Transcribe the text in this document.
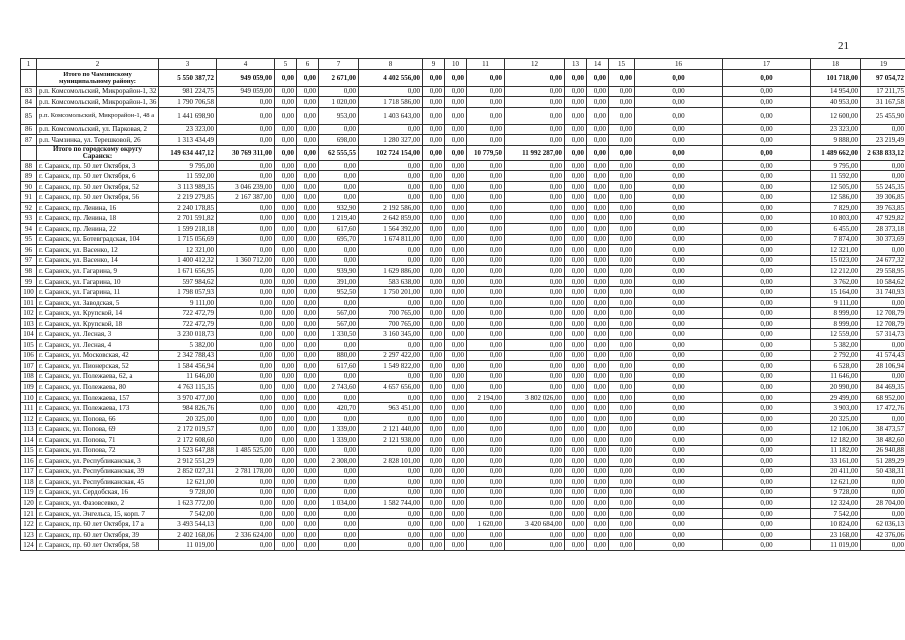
21
1	2	3	4	5	6	7	8	9	10	11	12	13	14	15	16	17	18	19
	Итого по Чамзинскому муниципальному району:	5 550 387,72	949 059,00	0,00	0,00	2 671,00	4 402 556,00	0,00	0,00	0,00	0,00	0,00	0,00	0,00	0,00	0,00	101 718,00	97 054,72
83	р.п. Комсомольский, Микрорайон-1, 32	981 224,75	949 059,00	0,00	0,00	0,00	0,00	0,00	0,00	0,00	0,00	0,00	0,00	0,00	0,00	0,00	14 954,00	17 211,75
84	р.п. Комсомольский, Микрорайон-1, 36	1 790 706,58	0,00	0,00	0,00	1 020,00	1 718 586,00	0,00	0,00	0,00	0,00	0,00	0,00	0,00	0,00	0,00	40 953,00	31 167,58
85	р.п. Комсомольский, Микрорайон-1, 48 а	1 441 698,90	0,00	0,00	0,00	953,00	1 403 643,00	0,00	0,00	0,00	0,00	0,00	0,00	0,00	0,00	0,00	12 600,00	25 455,90
86	р.п. Комсомольский, ул. Парковая, 2	23 323,00	0,00	0,00	0,00	0,00	0,00	0,00	0,00	0,00	0,00	0,00	0,00	0,00	0,00	0,00	23 323,00	0,00
87	р.п. Чамзинка, ул. Терешковой, 26	1 313 434,49	0,00	0,00	0,00	698,00	1 280 327,00	0,00	0,00	0,00	0,00	0,00	0,00	0,00	0,00	0,00	9 888,00	23 219,49
	Итого по городскому округу Саранск:	149 634 447,12	30 769 311,00	0,00	0,00	62 555,55	102 724 154,00	0,00	0,00	10 779,50	11 992 287,00	0,00	0,00	0,00	0,00	0,00	1 489 662,00	2 638 833,12
88	г. Саранск, пр. 50 лет Октября, 3	9 795,00	0,00	0,00	0,00	0,00	0,00	0,00	0,00	0,00	0,00	0,00	0,00	0,00	0,00	0,00	9 795,00	0,00
89	г. Саранск, пр. 50 лет Октября, 6	11 592,00	0,00	0,00	0,00	0,00	0,00	0,00	0,00	0,00	0,00	0,00	0,00	0,00	0,00	0,00	11 592,00	0,00
90	г. Саранск, пр. 50 лет Октября, 52	3 113 989,35	3 046 239,00	0,00	0,00	0,00	0,00	0,00	0,00	0,00	0,00	0,00	0,00	0,00	0,00	0,00	12 505,00	55 245,35
91	г. Саранск, пр. 50 лет Октября, 56	2 219 279,85	2 167 387,00	0,00	0,00	0,00	0,00	0,00	0,00	0,00	0,00	0,00	0,00	0,00	0,00	0,00	12 586,00	39 306,85
92	г. Саранск, пр. Ленина, 16	2 240 178,85	0,00	0,00	0,00	932,90	2 192 586,00	0,00	0,00	0,00	0,00	0,00	0,00	0,00	0,00	0,00	7 829,00	39 763,85
93	г. Саранск, пр. Ленина, 18	2 701 591,82	0,00	0,00	0,00	1 219,40	2 642 859,00	0,00	0,00	0,00	0,00	0,00	0,00	0,00	0,00	0,00	10 803,00	47 929,82
94	г. Саранск, пр. Ленина, 22	1 599 218,18	0,00	0,00	0,00	617,60	1 564 392,00	0,00	0,00	0,00	0,00	0,00	0,00	0,00	0,00	0,00	6 455,00	28 373,18
95	г. Саранск, ул. Ботевградская, 104	1 715 056,69	0,00	0,00	0,00	695,70	1 674 811,00	0,00	0,00	0,00	0,00	0,00	0,00	0,00	0,00	0,00	7 874,00	30 373,69
96	г. Саранск, ул. Васенко, 12	12 321,00	0,00	0,00	0,00	0,00	0,00	0,00	0,00	0,00	0,00	0,00	0,00	0,00	0,00	0,00	12 321,00	0,00
97	г. Саранск, ул. Васенко, 14	1 400 412,32	1 360 712,00	0,00	0,00	0,00	0,00	0,00	0,00	0,00	0,00	0,00	0,00	0,00	0,00	0,00	15 023,00	24 677,32
98	г. Саранск, ул. Гагарина, 9	1 671 656,95	0,00	0,00	0,00	939,90	1 629 886,00	0,00	0,00	0,00	0,00	0,00	0,00	0,00	0,00	0,00	12 212,00	29 558,95
99	г. Саранск, ул. Гагарина, 10	597 984,62	0,00	0,00	0,00	391,00	583 638,00	0,00	0,00	0,00	0,00	0,00	0,00	0,00	0,00	0,00	3 762,00	10 584,62
100	г. Саранск, ул. Гагарина, 11	1 798 057,93	0,00	0,00	0,00	952,50	1 750 201,00	0,00	0,00	0,00	0,00	0,00	0,00	0,00	0,00	0,00	15 164,00	31 740,93
101	г. Саранск, ул. Заводская, 5	9 111,00	0,00	0,00	0,00	0,00	0,00	0,00	0,00	0,00	0,00	0,00	0,00	0,00	0,00	0,00	9 111,00	0,00
102	г. Саранск, ул. Крупской, 14	722 472,79	0,00	0,00	0,00	567,00	700 765,00	0,00	0,00	0,00	0,00	0,00	0,00	0,00	0,00	0,00	8 999,00	12 708,79
103	г. Саранск, ул. Крупской, 18	722 472,79	0,00	0,00	0,00	567,00	700 765,00	0,00	0,00	0,00	0,00	0,00	0,00	0,00	0,00	0,00	8 999,00	12 708,79
104	г. Саранск, ул. Лесная, 3	3 230 018,73	0,00	0,00	0,00	1 330,50	3 160 345,00	0,00	0,00	0,00	0,00	0,00	0,00	0,00	0,00	0,00	12 559,00	57 314,73
105	г. Саранск, ул. Лесная, 4	5 382,00	0,00	0,00	0,00	0,00	0,00	0,00	0,00	0,00	0,00	0,00	0,00	0,00	0,00	0,00	5 382,00	0,00
106	г. Саранск, ул. Московская, 42	2 342 788,43	0,00	0,00	0,00	880,00	2 297 422,00	0,00	0,00	0,00	0,00	0,00	0,00	0,00	0,00	0,00	2 792,00	41 574,43
107	г. Саранск, ул. Пионерская, 52	1 584 456,94	0,00	0,00	0,00	617,60	1 549 822,00	0,00	0,00	0,00	0,00	0,00	0,00	0,00	0,00	0,00	6 528,00	28 106,94
108	г. Саранск, ул. Полежаева, 62, а	11 646,00	0,00	0,00	0,00	0,00	0,00	0,00	0,00	0,00	0,00	0,00	0,00	0,00	0,00	0,00	11 646,00	0,00
109	г. Саранск, ул. Полежаева, 80	4 763 115,35	0,00	0,00	0,00	2 743,60	4 657 656,00	0,00	0,00	0,00	0,00	0,00	0,00	0,00	0,00	0,00	20 990,00	84 469,35
110	г. Саранск, ул. Полежаева, 157	3 970 477,00	0,00	0,00	0,00	0,00	0,00	0,00	0,00	2 194,00	3 802 026,00	0,00	0,00	0,00	0,00	0,00	29 499,00	68 952,00
111	г. Саранск, ул. Полежаева, 173	984 826,76	0,00	0,00	0,00	420,70	963 451,00	0,00	0,00	0,00	0,00	0,00	0,00	0,00	0,00	0,00	3 903,00	17 472,76
112	г. Саранск, ул. Попова, 66	20 325,00	0,00	0,00	0,00	0,00	0,00	0,00	0,00	0,00	0,00	0,00	0,00	0,00	0,00	0,00	20 325,00	0,00
113	г. Саранск, ул. Попова, 69	2 172 019,57	0,00	0,00	0,00	1 339,00	2 121 440,00	0,00	0,00	0,00	0,00	0,00	0,00	0,00	0,00	0,00	12 106,00	38 473,57
114	г. Саранск, ул. Попова, 71	2 172 608,60	0,00	0,00	0,00	1 339,00	2 121 938,00	0,00	0,00	0,00	0,00	0,00	0,00	0,00	0,00	0,00	12 182,00	38 482,60
115	г. Саранск, ул. Попова, 72	1 523 647,88	1 485 525,00	0,00	0,00	0,00	0,00	0,00	0,00	0,00	0,00	0,00	0,00	0,00	0,00	0,00	11 182,00	26 940,88
116	г. Саранск, ул. Республиканская, 3	2 912 551,29	0,00	0,00	0,00	2 308,00	2 828 101,00	0,00	0,00	0,00	0,00	0,00	0,00	0,00	0,00	0,00	33 161,00	51 289,29
117	г. Саранск, ул. Республиканская, 39	2 852 027,31	2 781 178,00	0,00	0,00	0,00	0,00	0,00	0,00	0,00	0,00	0,00	0,00	0,00	0,00	0,00	20 411,00	50 438,31
118	г. Саранск, ул. Республиканская, 45	12 621,00	0,00	0,00	0,00	0,00	0,00	0,00	0,00	0,00	0,00	0,00	0,00	0,00	0,00	0,00	12 621,00	0,00
119	г. Саранск, ул. Сердобская, 16	9 728,00	0,00	0,00	0,00	0,00	0,00	0,00	0,00	0,00	0,00	0,00	0,00	0,00	0,00	0,00	9 728,00	0,00
120	г. Саранск, ул. Фазовсевко, 2	1 623 772,00	0,00	0,00	0,00	1 034,00	1 582 744,00	0,00	0,00	0,00	0,00	0,00	0,00	0,00	0,00	0,00	12 324,00	28 704,00
121	г. Саранск, ул. Энгельса, 15, корп. 7	7 542,00	0,00	0,00	0,00	0,00	0,00	0,00	0,00	0,00	0,00	0,00	0,00	0,00	0,00	0,00	7 542,00	0,00
122	г. Саранск, пр. 60 лет Октября, 17 а	3 493 544,13	0,00	0,00	0,00	0,00	0,00	0,00	0,00	1 620,00	3 420 684,00	0,00	0,00	0,00	0,00	0,00	10 824,00	62 036,13
123	г. Саранск, пр. 60 лет Октября, 39	2 402 168,06	2 336 624,00	0,00	0,00	0,00	0,00	0,00	0,00	0,00	0,00	0,00	0,00	0,00	0,00	0,00	23 168,00	42 376,06
124	г. Саранск, пр. 60 лет Октября, 58	11 019,00	0,00	0,00	0,00	0,00	0,00	0,00	0,00	0,00	0,00	0,00	0,00	0,00	0,00	0,00	11 019,00	0,00
